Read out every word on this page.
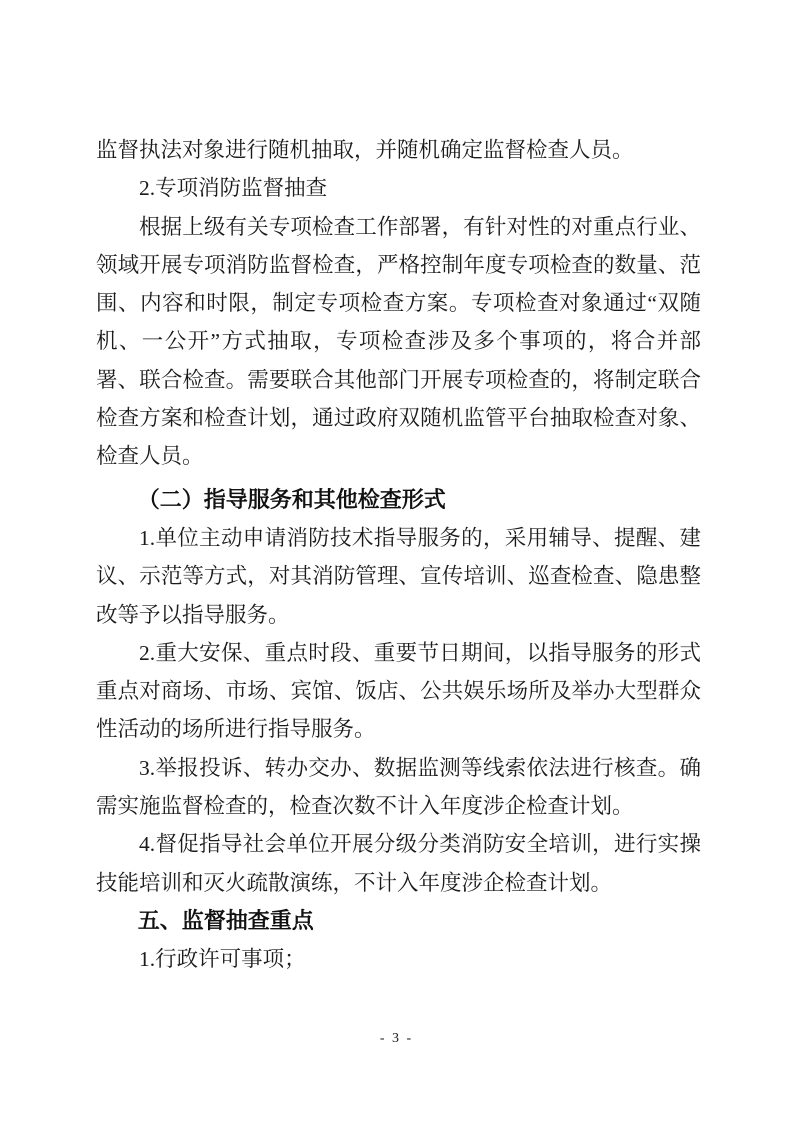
监督执法对象进行随机抽取，并随机确定监督检查人员。

2.专项消防监督抽查

根据上级有关专项检查工作部署，有针对性的对重点行业、领域开展专项消防监督检查，严格控制年度专项检查的数量、范围、内容和时限，制定专项检查方案。专项检查对象通过“双随机、一公开”方式抽取，专项检查涉及多个事项的，将合并部署、联合检查。需要联合其他部门开展专项检查的，将制定联合检查方案和检查计划，通过政府双随机监管平台抽取检查对象、检查人员。

（二）指导服务和其他检查形式

1.单位主动申请消防技术指导服务的，采用辅导、提醒、建议、示范等方式，对其消防管理、宣传培训、巡查检查、隐患整改等予以指导服务。

2.重大安保、重点时段、重要节日期间，以指导服务的形式重点对商场、市场、宾馆、饭店、公共娱乐场所及举办大型群众性活动的场所进行指导服务。

3.举报投诉、转办交办、数据监测等线索依法进行核查。确需实施监督检查的，检查次数不计入年度涉企检查计划。

4.督促指导社会单位开展分级分类消防安全培训，进行实操技能培训和灭火疏散演练，不计入年度涉企检查计划。

五、监督抽查重点

1.行政许可事项；

- 3 -
